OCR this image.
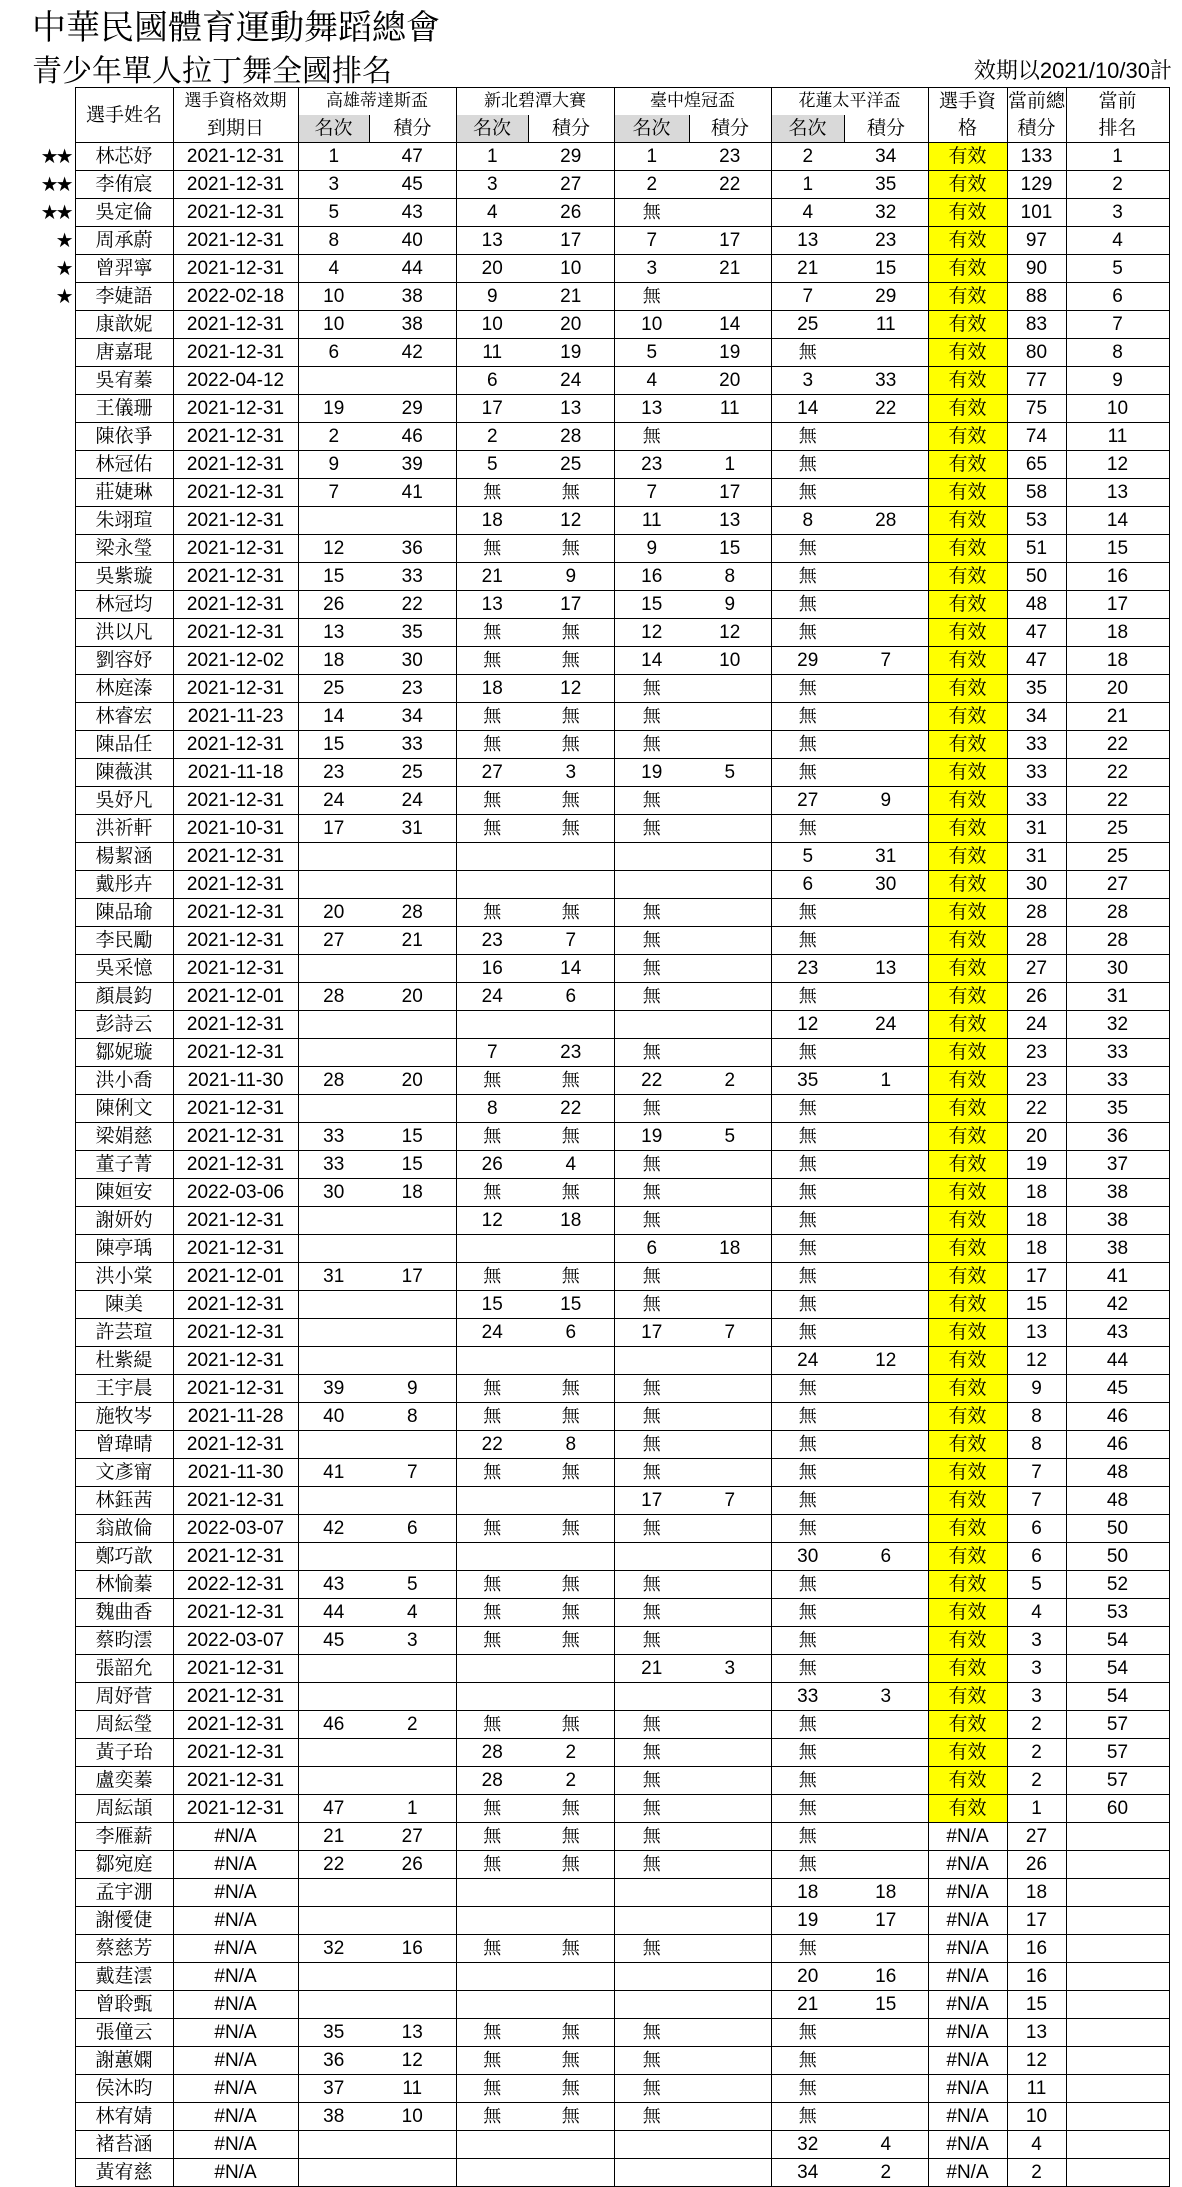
中華民國體育運動舞蹈總會
青少年單人拉丁舞全國排名	效期以2021/10/30計
	選手姓名	選手資格效期	高雄蒂達斯盃		新北碧潭大賽		臺中煌冠盃		花蓮太平洋盃		選手資	當前總	當前
		到期日	名次	積分	名次	積分	名次	積分	名次	積分	格	積分	排名
★★	林芯妤	2021-12-31	1	47	1	29	1	23	2	34	有效	133	1
★★	李侑宸	2021-12-31	3	45	3	27	2	22	1	35	有效	129	2
★★	吳定倫	2021-12-31	5	43	4	26	無		4	32	有效	101	3
★	周承蔚	2021-12-31	8	40	13	17	7	17	13	23	有效	97	4
★	曾羿寧	2021-12-31	4	44	20	10	3	21	21	15	有效	90	5
★	李婕語	2022-02-18	10	38	9	21	無		7	29	有效	88	6
	康歆妮	2021-12-31	10	38	10	20	10	14	25	11	有效	83	7
	唐嘉琨	2021-12-31	6	42	11	19	5	19	無		有效	80	8
	吳宥蓁	2022-04-12			6	24	4	20	3	33	有效	77	9
	王儀珊	2021-12-31	19	29	17	13	13	11	14	22	有效	75	10
	陳依爭	2021-12-31	2	46	2	28	無		無		有效	74	11
	林冠佑	2021-12-31	9	39	5	25	23	1	無		有效	65	12
	莊婕琳	2021-12-31	7	41	無	無	7	17	無		有效	58	13
	朱翊瑄	2021-12-31			18	12	11	13	8	28	有效	53	14
	梁永瑩	2021-12-31	12	36	無	無	9	15	無		有效	51	15
	吳紫璇	2021-12-31	15	33	21	9	16	8	無		有效	50	16
	林冠均	2021-12-31	26	22	13	17	15	9	無		有效	48	17
	洪以凡	2021-12-31	13	35	無	無	12	12	無		有效	47	18
	劉容妤	2021-12-02	18	30	無	無	14	10	29	7	有效	47	18
	林庭溱	2021-12-31	25	23	18	12	無		無		有效	35	20
	林睿宏	2021-11-23	14	34	無	無	無		無		有效	34	21
	陳品任	2021-12-31	15	33	無	無	無		無		有效	33	22
	陳薇淇	2021-11-18	23	25	27	3	19	5	無		有效	33	22
	吳妤凡	2021-12-31	24	24	無	無	無		27	9	有效	33	22
	洪祈軒	2021-10-31	17	31	無	無	無		無		有效	31	25
	楊絜涵	2021-12-31							5	31	有效	31	25
	戴彤卉	2021-12-31							6	30	有效	30	27
	陳品瑜	2021-12-31	20	28	無	無	無		無		有效	28	28
	李民勵	2021-12-31	27	21	23	7	無		無		有效	28	28
	吳采憶	2021-12-31			16	14	無		23	13	有效	27	30
	顏晨鈞	2021-12-01	28	20	24	6	無		無		有效	26	31
	彭詩云	2021-12-31							12	24	有效	24	32
	鄒妮璇	2021-12-31			7	23	無		無		有效	23	33
	洪小喬	2021-11-30	28	20	無	無	22	2	35	1	有效	23	33
	陳俐文	2021-12-31			8	22	無		無		有效	22	35
	梁娟慈	2021-12-31	33	15	無	無	19	5	無		有效	20	36
	董子菁	2021-12-31	33	15	26	4	無		無		有效	19	37
	陳姮安	2022-03-06	30	18	無	無	無		無		有效	18	38
	謝妍妁	2021-12-31			12	18	無		無		有效	18	38
	陳亭瑀	2021-12-31					6	18	無		有效	18	38
	洪小棠	2021-12-01	31	17	無	無	無		無		有效	17	41
	陳美	2021-12-31			15	15	無		無		有效	15	42
	許芸瑄	2021-12-31			24	6	17	7	無		有效	13	43
	杜紫緹	2021-12-31							24	12	有效	12	44
	王宇晨	2021-12-31	39	9	無	無	無		無		有效	9	45
	施牧岑	2021-11-28	40	8	無	無	無		無		有效	8	46
	曾瑋晴	2021-12-31			22	8	無		無		有效	8	46
	文彥甯	2021-11-30	41	7	無	無	無		無		有效	7	48
	林鈺茜	2021-12-31					17	7	無		有效	7	48
	翁啟倫	2022-03-07	42	6	無	無	無		無		有效	6	50
	鄭巧歆	2021-12-31							30	6	有效	6	50
	林愉蓁	2022-12-31	43	5	無	無	無		無		有效	5	52
	魏曲香	2021-12-31	44	4	無	無	無		無		有效	4	53
	蔡昀澐	2022-03-07	45	3	無	無	無		無		有效	3	54
	張韶允	2021-12-31					21	3	無		有效	3	54
	周妤菅	2021-12-31							33	3	有效	3	54
	周紜瑩	2021-12-31	46	2	無	無	無		無		有效	2	57
	黃子珆	2021-12-31			28	2	無		無		有效	2	57
	盧奕蓁	2021-12-31			28	2	無		無		有效	2	57
	周紜頡	2021-12-31	47	1	無	無	無		無		有效	1	60
	李雁薪	#N/A	21	27	無	無	無		無		#N/A	27	
	鄒宛庭	#N/A	22	26	無	無	無		無		#N/A	26	
	孟宇淜	#N/A							18	18	#N/A	18	
	謝僾倢	#N/A							19	17	#N/A	17	
	蔡慈芳	#N/A	32	16	無	無	無		無		#N/A	16	
	戴莛澐	#N/A							20	16	#N/A	16	
	曾聆甄	#N/A							21	15	#N/A	15	
	張僮云	#N/A	35	13	無	無	無		無		#N/A	13	
	謝蕙嫻	#N/A	36	12	無	無	無		無		#N/A	12	
	侯沐昀	#N/A	37	11	無	無	無		無		#N/A	11	
	林宥婧	#N/A	38	10	無	無	無		無		#N/A	10	
	褚苔涵	#N/A							32	4	#N/A	4	
	黃宥慈	#N/A							34	2	#N/A	2	
